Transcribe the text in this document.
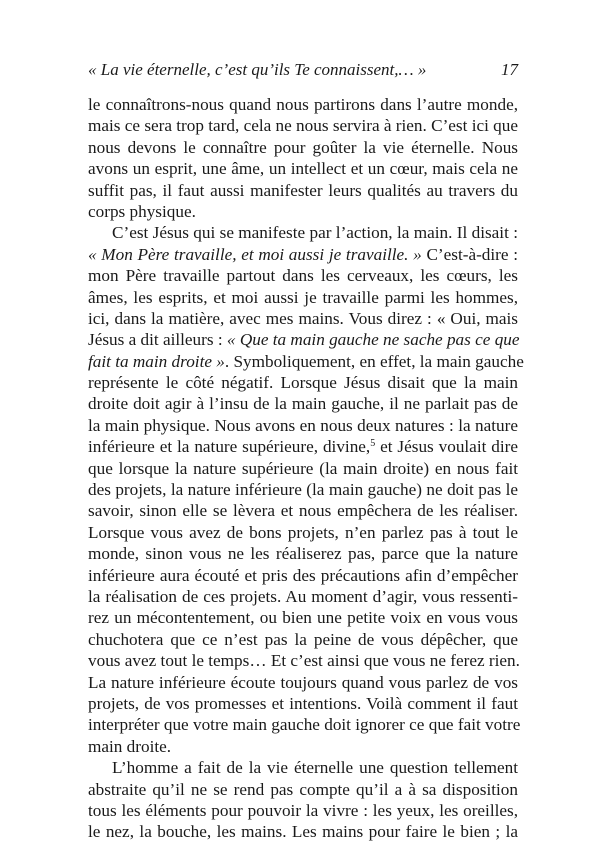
« La vie éternelle, c’est qu’ils Te connaissent,… »	17
le connaîtrons-nous quand nous partirons dans l’autre monde,
mais ce sera trop tard, cela ne nous servira à rien. C’est ici que
nous devons le connaître pour goûter la vie éternelle. Nous
avons un esprit, une âme, un intellect et un cœur, mais cela ne
suffit pas, il faut aussi manifester leurs qualités au travers du
corps physique.
C’est Jésus qui se manifeste par l’action, la main. Il disait :
« Mon Père travaille, et moi aussi je travaille. » C’est-à-dire :
mon Père travaille partout dans les cerveaux, les cœurs, les
âmes, les esprits, et moi aussi je travaille parmi les hommes,
ici, dans la matière, avec mes mains. Vous direz : « Oui, mais
Jésus a dit ailleurs : « Que ta main gauche ne sache pas ce que
fait ta main droite ». Symboliquement, en effet, la main gauche
représente le côté négatif. Lorsque Jésus disait que la main
droite doit agir à l’insu de la main gauche, il ne parlait pas de
la main physique. Nous avons en nous deux natures : la nature
inférieure et la nature supérieure, divine,$^5$ et Jésus voulait dire
que lorsque la nature supérieure (la main droite) en nous fait
des projets, la nature inférieure (la main gauche) ne doit pas le
savoir, sinon elle se lèvera et nous empêchera de les réaliser.
Lorsque vous avez de bons projets, n’en parlez pas à tout le
monde, sinon vous ne les réaliserez pas, parce que la nature
inférieure aura écouté et pris des précautions afin d’empêcher
la réalisation de ces projets. Au moment d’agir, vous ressenti-
rez un mécontentement, ou bien une petite voix en vous vous
chuchotera que ce n’est pas la peine de vous dépêcher, que
vous avez tout le temps… Et c’est ainsi que vous ne ferez rien.
La nature inférieure écoute toujours quand vous parlez de vos
projets, de vos promesses et intentions. Voilà comment il faut
interpréter que votre main gauche doit ignorer ce que fait votre
main droite.
L’homme a fait de la vie éternelle une question tellement
abstraite qu’il ne se rend pas compte qu’il a à sa disposition
tous les éléments pour pouvoir la vivre : les yeux, les oreilles,
le nez, la bouche, les mains. Les mains pour faire le bien ; la
